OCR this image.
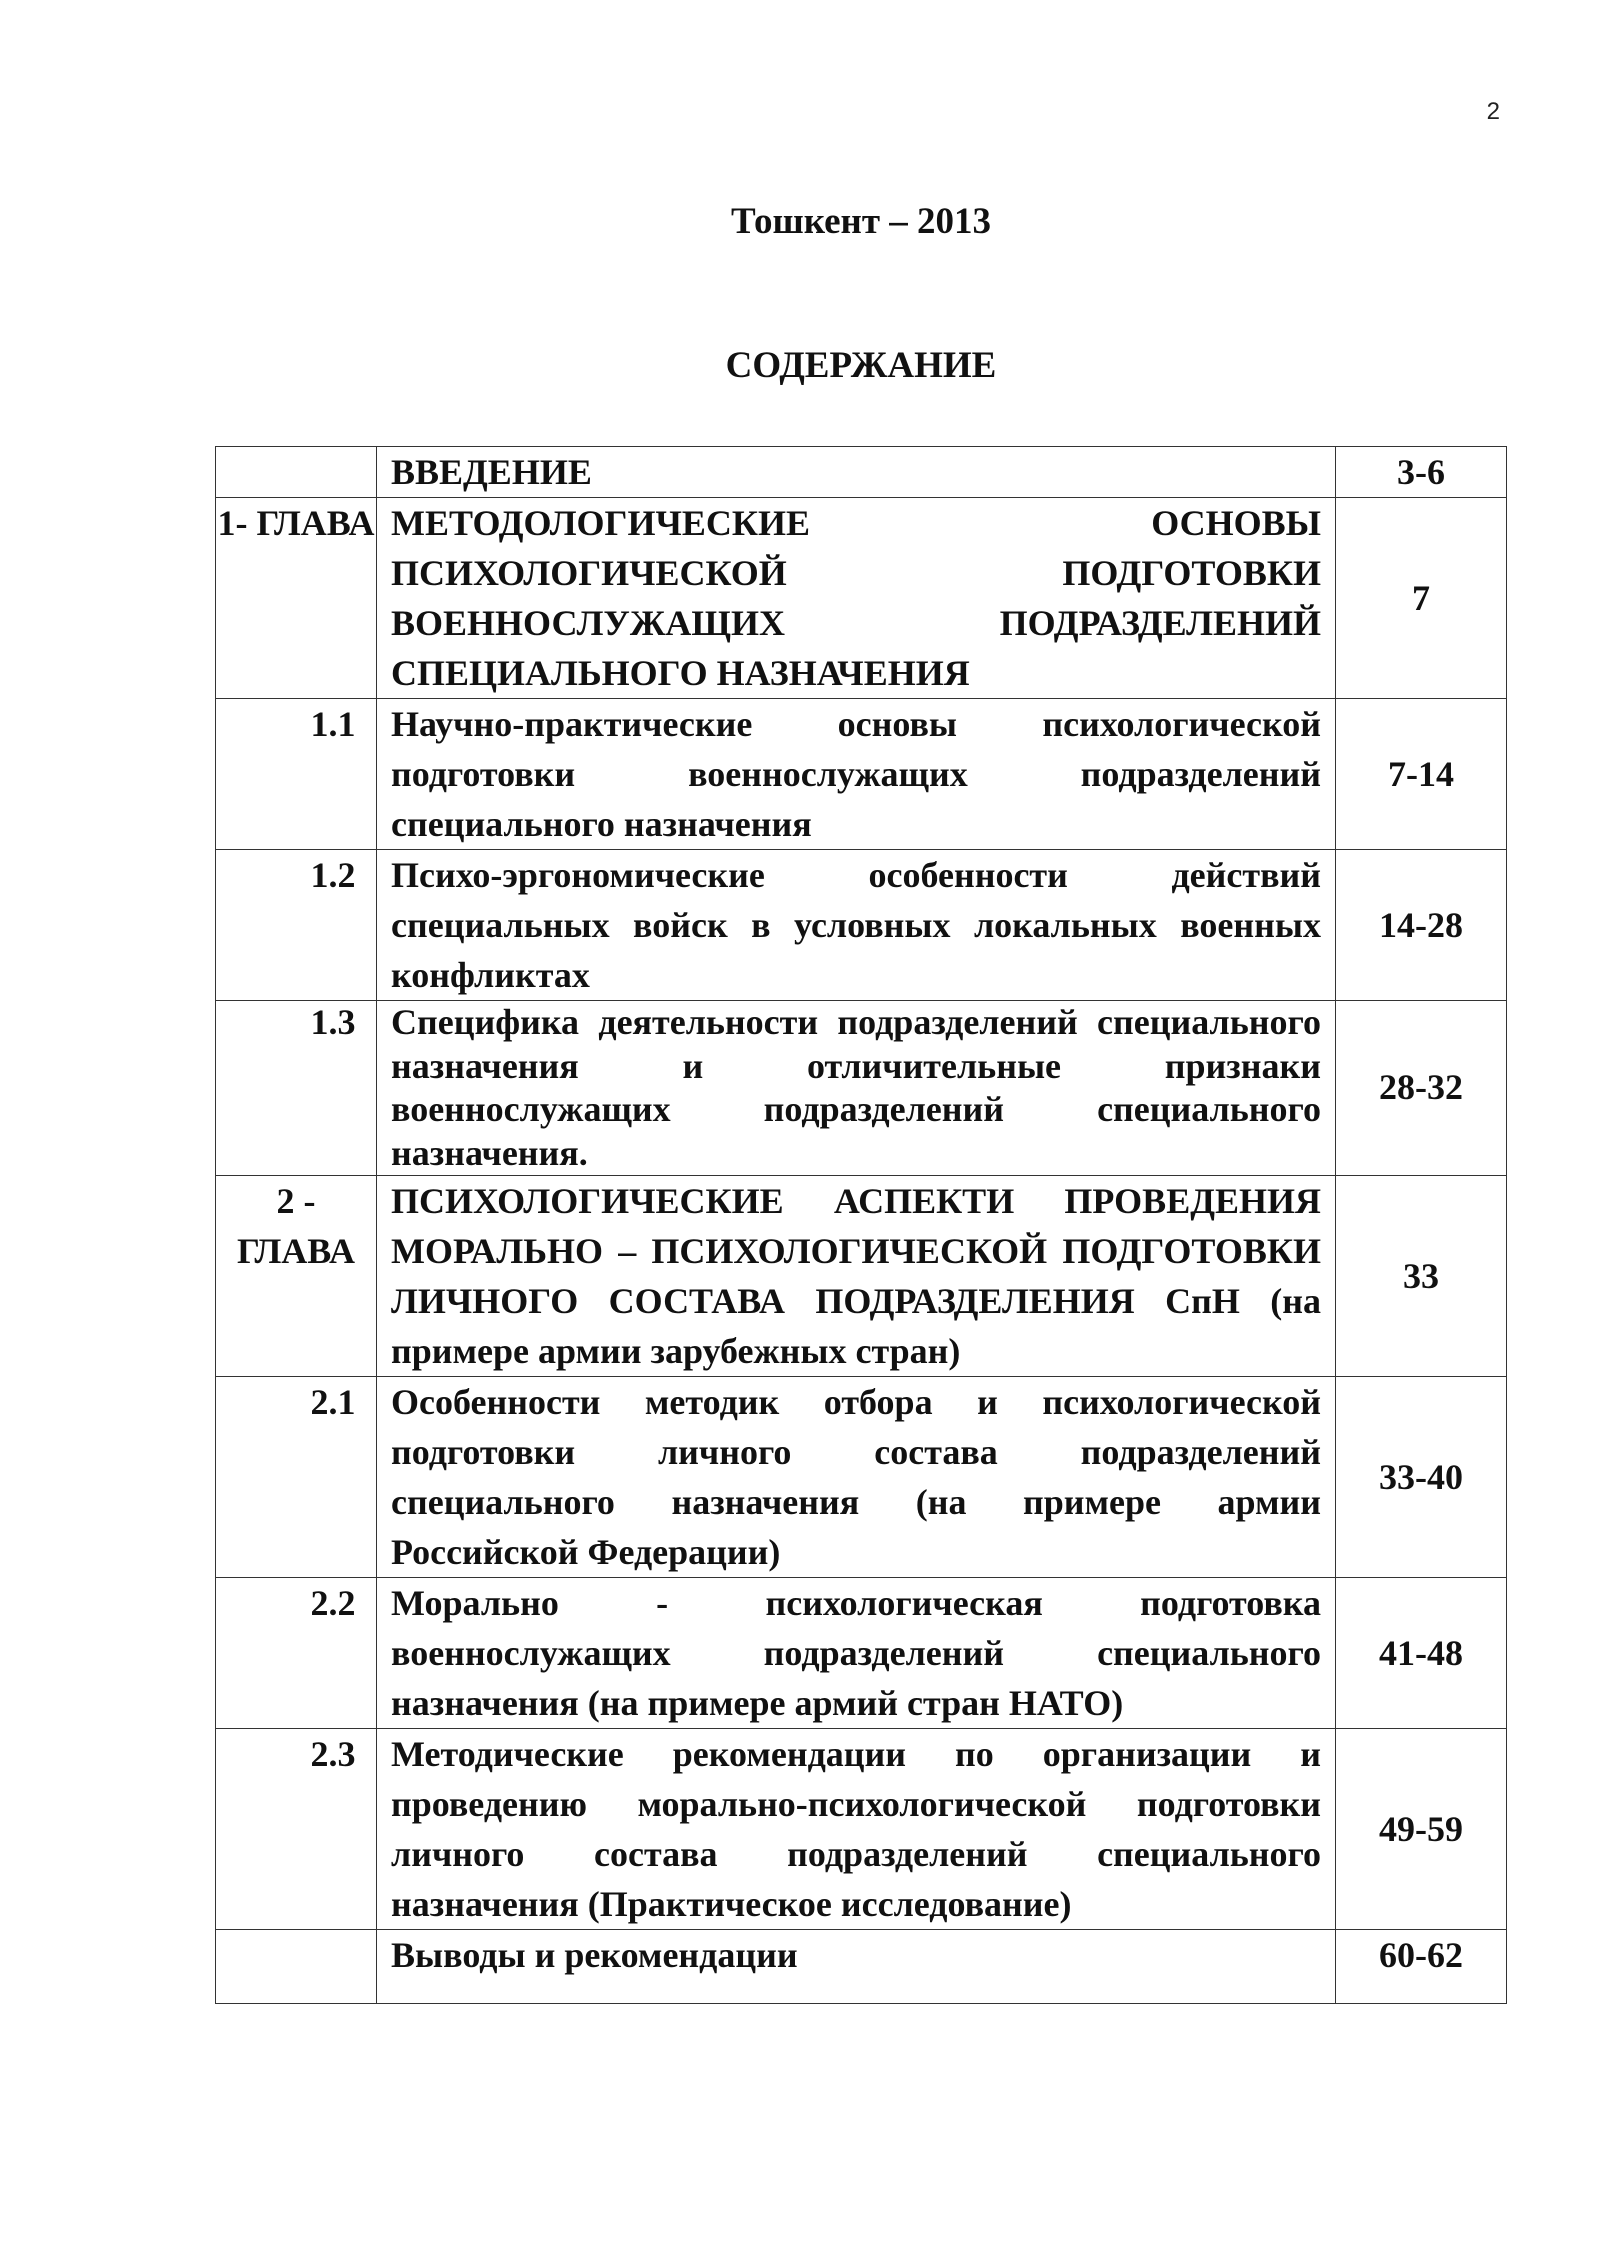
2
Тошкент – 2013
СОДЕРЖАНИЕ

	ВВЕДЕНИЕ	3-6
1- ГЛАВА	МЕТОДОЛОГИЧЕСКИЕ ОСНОВЫ ПСИХОЛОГИЧЕСКОЙ ПОДГОТОВКИ ВОЕННОСЛУЖАЩИХ ПОДРАЗДЕЛЕНИЙ СПЕЦИАЛЬНОГО НАЗНАЧЕНИЯ	7
1.1	Научно-практические основы психологической подготовки военнослужащих подразделений специального назначения	7-14
1.2	Психо-эргономические особенности действий специальных войск в условных локальных военных конфликтах	14-28
1.3	Специфика деятельности подразделений специального назначения и отличительные признаки военнослужащих подразделений специального назначения.	28-32
2 - ГЛАВА	ПСИХОЛОГИЧЕСКИЕ АСПЕКТИ ПРОВЕДЕНИЯ МОРАЛЬНО – ПСИХОЛОГИЧЕСКОЙ ПОДГОТОВКИ ЛИЧНОГО СОСТАВА ПОДРАЗДЕЛЕНИЯ СпН (на примере армии зарубежных стран)	33
2.1	Особенности методик отбора и психологической подготовки личного состава подразделений специального назначения (на примере армии Российской Федерации)	33-40
2.2	Морально - психологическая подготовка военнослужащих подразделений специального назначения (на примере армий стран НАТО)	41-48
2.3	Методические рекомендации по организации и проведению морально-психологической подготовки личного состава подразделений специального назначения (Практическое исследование)	49-59

	Выводы и рекомендации	60-62
